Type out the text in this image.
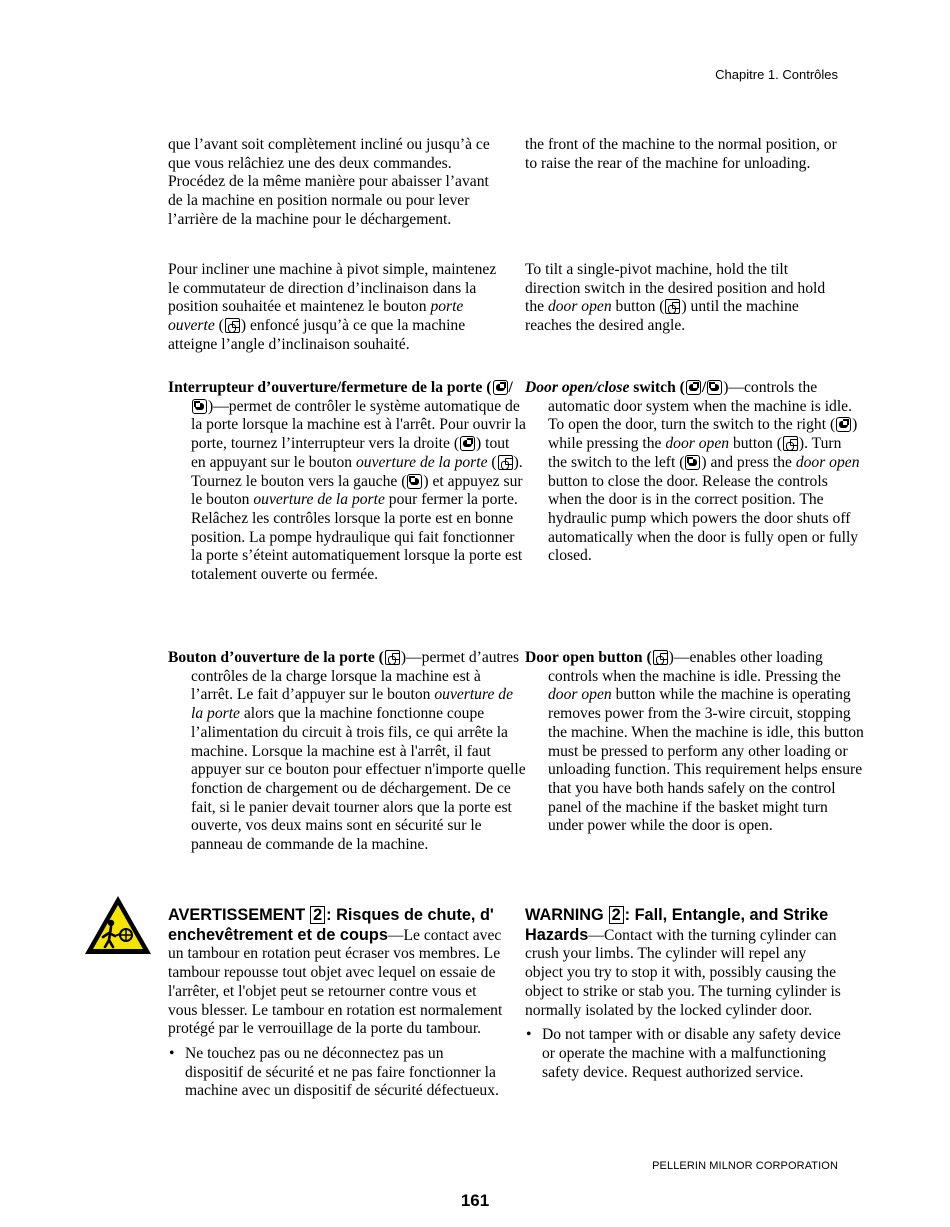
Chapitre 1. Contrôles

que l’avant soit complètement incliné ou jusqu’à ce que vous relâchiez une des deux commandes. Procédez de la même manière pour abaisser l’avant de la machine en position normale ou pour lever l’arrière de la machine pour le déchargement.

the front of the machine to the normal position, or to raise the rear of the machine for unloading.

Pour incliner une machine à pivot simple, maintenez le commutateur de direction d’inclinaison dans la position souhaitée et maintenez le bouton porte ouverte ( ) enfoncé jusqu’à ce que la machine atteigne l’angle d’inclinaison souhaité.

To tilt a single-pivot machine, hold the tilt direction switch in the desired position and hold the door open button ( ) until the machine reaches the desired angle.

Interrupteur d’ouverture/fermeture de la porte ( /)—permet de contrôler le système automatique de la porte lorsque la machine est à l'arrêt. Pour ouvrir la porte, tournez l’interrupteur vers la droite ( ) tout en appuyant sur le bouton ouverture de la porte ( ). Tournez le bouton vers la gauche ( ) et appuyez sur le bouton ouverture de la porte pour fermer la porte. Relâchez les contrôles lorsque la porte est en bonne position. La pompe hydraulique qui fait fonctionner la porte s’éteint automatiquement lorsque la porte est totalement ouverte ou fermée.

Door open/close switch ( / )—controls the automatic door system when the machine is idle. To open the door, turn the switch to the right ( ) while pressing the door open button ( ). Turn the switch to the left ( ) and press the door open button to close the door. Release the controls when the door is in the correct position. The hydraulic pump which powers the door shuts off automatically when the door is fully open or fully closed.

Bouton d’ouverture de la porte ( )—permet d’autres contrôles de la charge lorsque la machine est à l’arrêt. Le fait d’appuyer sur le bouton ouverture de la porte alors que la machine fonctionne coupe l’alimentation du circuit à trois fils, ce qui arrête la machine. Lorsque la machine est à l'arrêt, il faut appuyer sur ce bouton pour effectuer n'importe quelle fonction de chargement ou de déchargement. De ce fait, si le panier devait tourner alors que la porte est ouverte, vos deux mains sont en sécurité sur le panneau de commande de la machine.

Door open button ( )—enables other loading controls when the machine is idle. Pressing the door open button while the machine is operating removes power from the 3-wire circuit, stopping the machine. When the machine is idle, this button must be pressed to perform any other loading or unloading function. This requirement helps ensure that you have both hands safely on the control panel of the machine if the basket might turn under power while the door is open.

AVERTISSEMENT 2 : Risques de chute, d' enchevêtrement et de coups—Le contact avec un tambour en rotation peut écraser vos membres. Le tambour repousse tout objet avec lequel on essaie de l'arrêter, et l'objet peut se retourner contre vous et vous blesser. Le tambour en rotation est normalement protégé par le verrouillage de la porte du tambour.

• Ne touchez pas ou ne déconnectez pas un dispositif de sécurité et ne pas faire fonctionner la machine avec un dispositif de sécurité défectueux.

WARNING 2 : Fall, Entangle, and Strike Hazards—Contact with the turning cylinder can crush your limbs. The cylinder will repel any object you try to stop it with, possibly causing the object to strike or stab you. The turning cylinder is normally isolated by the locked cylinder door.

• Do not tamper with or disable any safety device or operate the machine with a malfunctioning safety device. Request authorized service.
PELLERIN MILNOR CORPORATION
161
